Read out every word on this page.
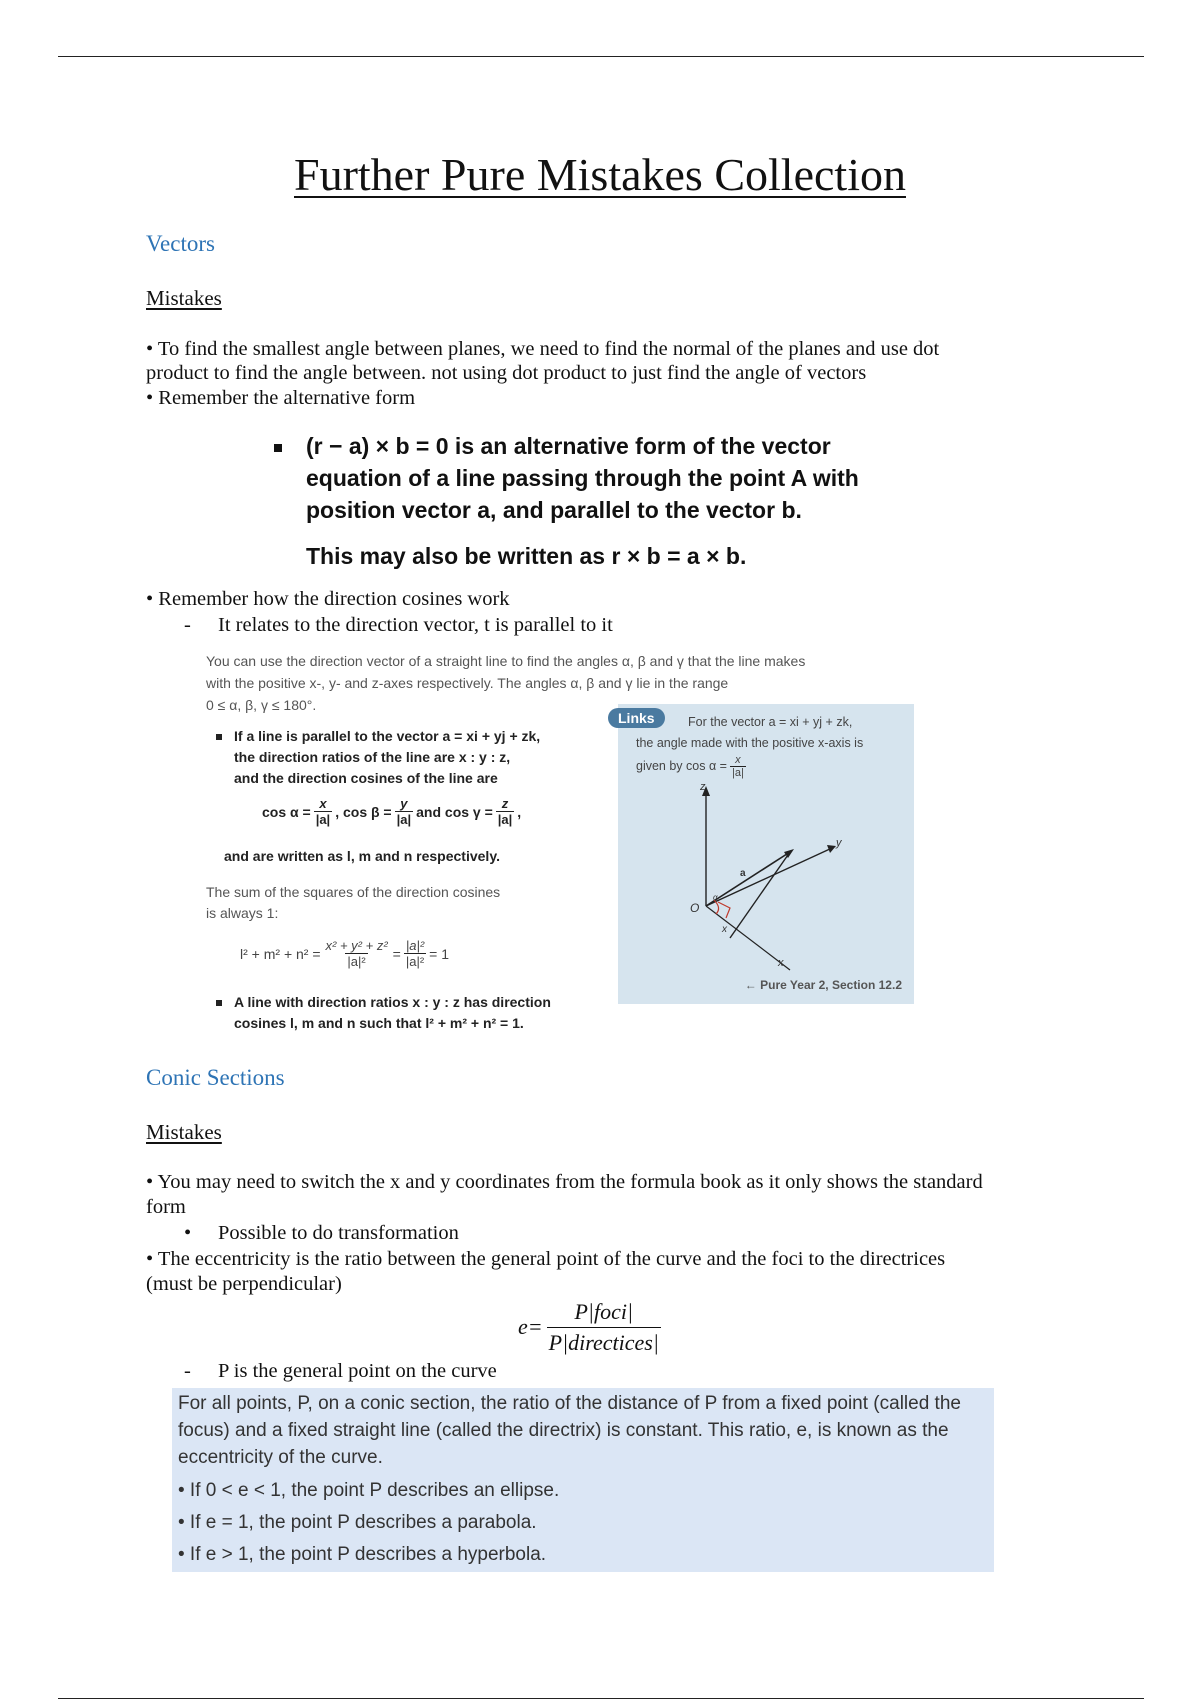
Further Pure Mistakes Collection
Vectors
Mistakes
• To find the smallest angle between planes, we need to find the normal of the planes and use dot
product to find the angle between. not using dot product to just find the angle of vectors
• Remember the alternative form
(r − a) × b = 0 is an alternative form of the vector
equation of a line passing through the point A with
position vector a, and parallel to the vector b.
This may also be written as r × b = a × b.
• Remember how the direction cosines work
- It relates to the direction vector, t is parallel to it
You can use the direction vector of a straight line to find the angles α, β and γ that the line makes
with the positive x-, y- and z-axes respectively. The angles α, β and γ lie in the range
0 ≤ α, β, γ ≤ 180°.
If a line is parallel to the vector a = xi + yj + zk,
the direction ratios of the line are x : y : z,
and the direction cosines of the line are
$\cos \alpha = \frac{x}{|a|}$ , $\cos \beta = \frac{y}{|a|}$ and $\cos \gamma = \frac{z}{|a|}$ ,
and are written as l, m and n respectively.
The sum of the squares of the direction cosines
is always 1:
$l^2 + m^2 + n^2 = \frac{\text{x² + y² + z²}}{\text{|a|²}} = \frac{\text{|a|²}}{\text{|a|²}} = 1$
A line with direction ratios x : y : z has direction
cosines l, m and n such that l² + m² + n² = 1.
Links	For the vector a = xi + yj + zk,
the angle made with the positive x-axis is
given by $\cos \alpha = \frac{x}{|a|}$
z
y
x
x
O
a
α
← Pure Year 2, Section 12.2
Conic Sections
Mistakes
• You may need to switch the x and y coordinates from the formula book as it only shows the standard
form
• Possible to do transformation
• The eccentricity is the ratio between the general point of the curve and the foci to the directrices
(must be perpendicular)
$e= \frac{\text{P|foci|}}{\text{P|directices|}}$
- P is the general point on the curve
For all points, P, on a conic section, the ratio of the distance of P from a fixed point (called the
focus) and a fixed straight line (called the directrix) is constant. This ratio, e, is known as the
eccentricity of the curve.
• If 0 < e < 1, the point P describes an ellipse.
• If e = 1, the point P describes a parabola.
• If e > 1, the point P describes a hyperbola.
